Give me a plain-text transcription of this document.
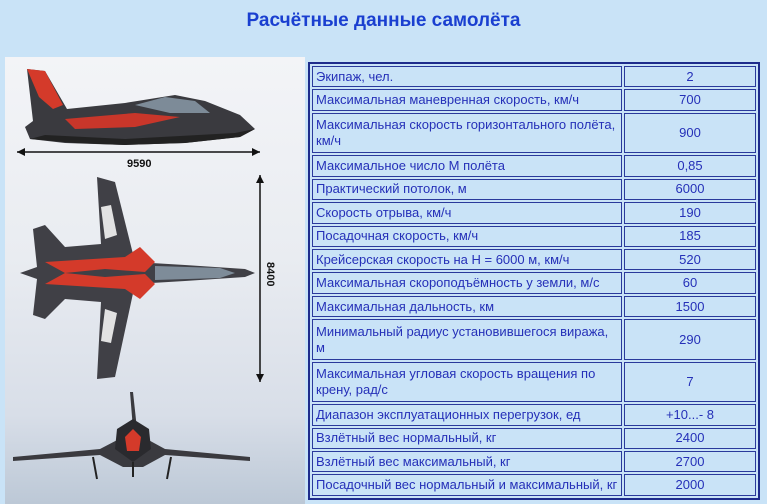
Расчётные данные самолёта
9590
8400
Экипаж, чел.	2
Максимальная маневренная скорость, км/ч	700
Максимальная скорость горизонтального полёта, км/ч	900
Максимальное число М полёта	0,85
Практический потолок, м	6000
Скорость отрыва, км/ч	190
Посадочная скорость, км/ч	185
Крейсерская скорость на Н = 6000 м, км/ч	520
Максимальная скороподъёмность у земли, м/с	60
Максимальная дальность, км	1500
Минимальный радиус установившегося виража, м	290
Максимальная угловая скорость вращения по крену, рад/с	7
Диапазон эксплуатационных перегрузок, ед	+10...- 8
Взлётный вес нормальный, кг	2400
Взлётный вес максимальный, кг	2700
Посадочный вес нормальный и максимальный, кг	2000
